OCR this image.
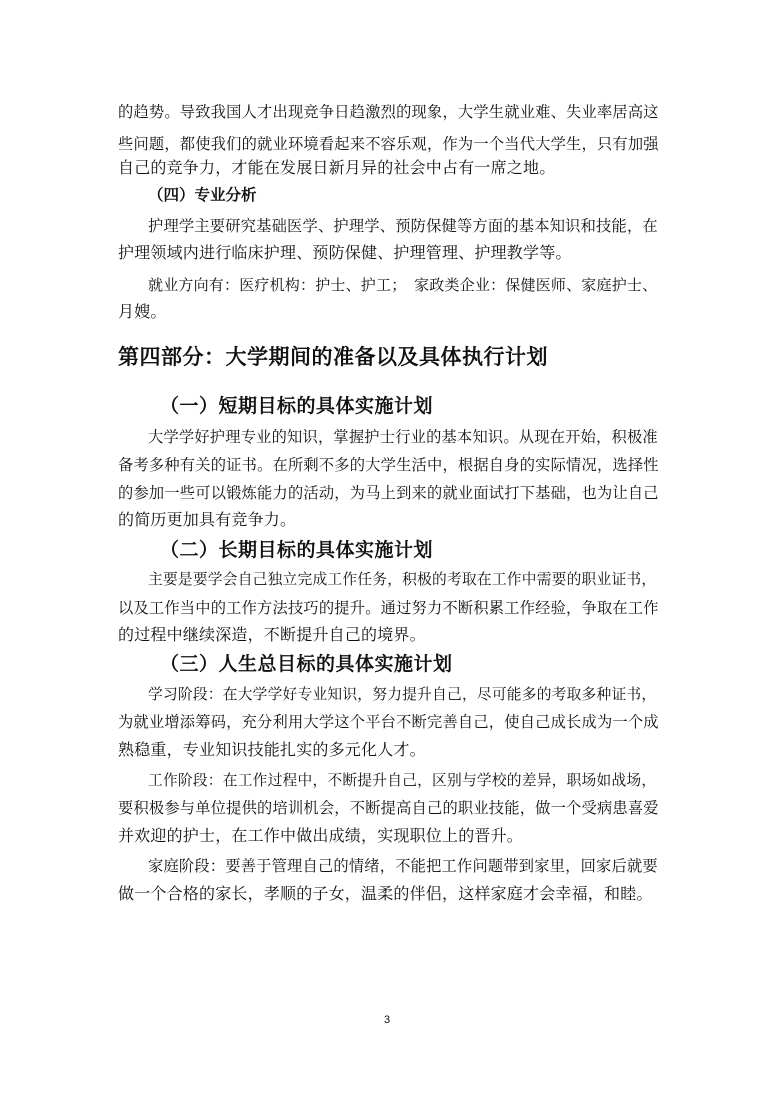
的趋势。导致我国人才出现竞争日趋激烈的现象，大学生就业难、失业率居高这
些问题，都使我们的就业环境看起来不容乐观，作为一个当代大学生，只有加强
自己的竞争力，才能在发展日新月异的社会中占有一席之地。
（四）专业分析
护理学主要研究基础医学、护理学、预防保健等方面的基本知识和技能，在
护理领域内进行临床护理、预防保健、护理管理、护理教学等。
就业方向有：医疗机构：护士、护工；　家政类企业：保健医师、家庭护士、
月嫂。
第四部分：大学期间的准备以及具体执行计划
（一）短期目标的具体实施计划
大学学好护理专业的知识，掌握护士行业的基本知识。从现在开始，积极准
备考多种有关的证书。在所剩不多的大学生活中，根据自身的实际情况，选择性
的参加一些可以锻炼能力的活动，为马上到来的就业面试打下基础，也为让自己
的简历更加具有竞争力。
（二）长期目标的具体实施计划
主要是要学会自己独立完成工作任务，积极的考取在工作中需要的职业证书，
以及工作当中的工作方法技巧的提升。通过努力不断积累工作经验，争取在工作
的过程中继续深造，不断提升自己的境界。
（三）人生总目标的具体实施计划
学习阶段：在大学学好专业知识，努力提升自己，尽可能多的考取多种证书，
为就业增添筹码，充分利用大学这个平台不断完善自己，使自己成长成为一个成
熟稳重，专业知识技能扎实的多元化人才。
工作阶段：在工作过程中，不断提升自己，区别与学校的差异，职场如战场，
要积极参与单位提供的培训机会，不断提高自己的职业技能，做一个受病患喜爱
并欢迎的护士，在工作中做出成绩，实现职位上的晋升。
家庭阶段：要善于管理自己的情绪，不能把工作问题带到家里，回家后就要
做一个合格的家长，孝顺的子女，温柔的伴侣，这样家庭才会幸福，和睦。
3
